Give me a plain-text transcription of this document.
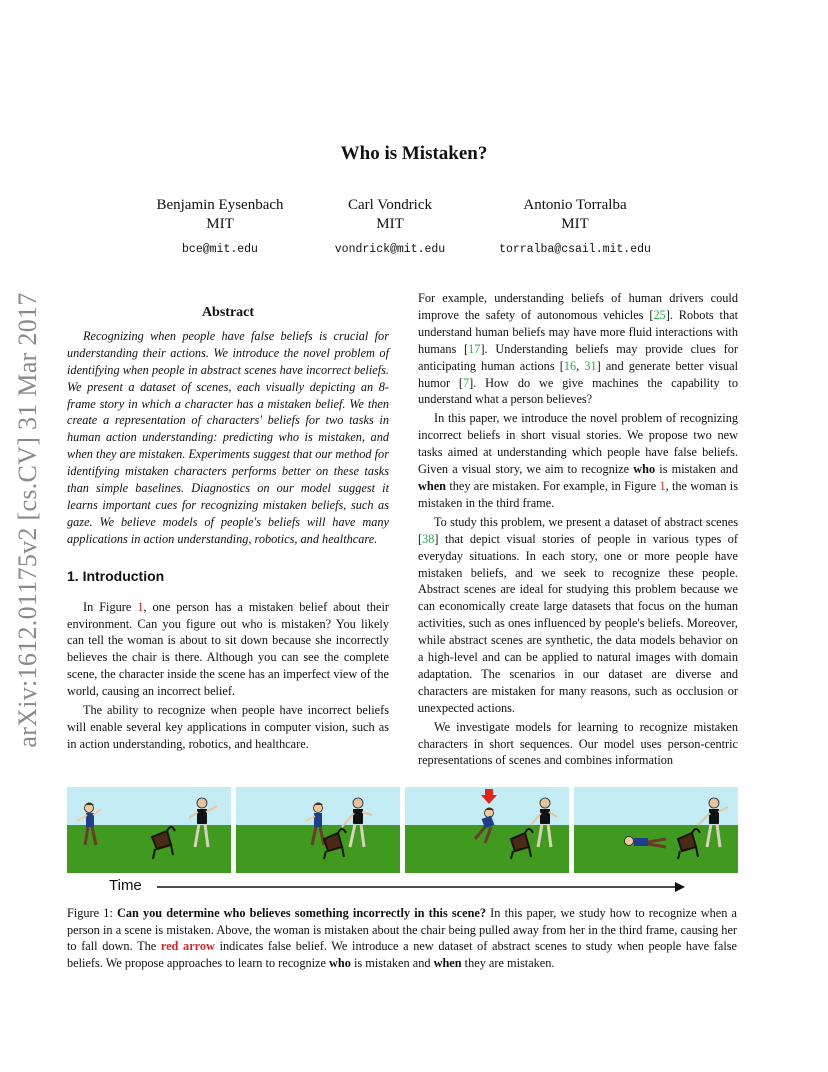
Who is Mistaken?
Benjamin Eysenbach
MIT
bce@mit.edu
Carl Vondrick
MIT
vondrick@mit.edu
Antonio Torralba
MIT
torralba@csail.mit.edu
arXiv:1612.01175v2 [cs.CV] 31 Mar 2017	Abstract

Recognizing when people have false beliefs is crucial for understanding their actions. We introduce the novel problem of identifying when people in abstract scenes have incorrect beliefs. We present a dataset of scenes, each visually depicting an 8-frame story in which a character has a mistaken belief. We then create a representation of characters' beliefs for two tasks in human action understanding: predicting who is mistaken, and when they are mistaken. Experiments suggest that our method for identifying mistaken characters performs better on these tasks than simple baselines. Diagnostics on our model suggest it learns important cues for recognizing mistaken beliefs, such as gaze. We believe models of people's beliefs will have many applications in action understanding, robotics, and healthcare.

1. Introduction

In Figure 1, one person has a mistaken belief about their environment. Can you figure out who is mistaken? You likely can tell the woman is about to sit down because she incorrectly believes the chair is there. Although you can see the complete scene, the character inside the scene has an imperfect view of the world, causing an incorrect belief.

The ability to recognize when people have incorrect beliefs will enable several key applications in computer vision, such as in action understanding, robotics, and healthcare.

For example, understanding beliefs of human drivers could improve the safety of autonomous vehicles [25]. Robots that understand human beliefs may have more fluid interactions with humans [17]. Understanding beliefs may provide clues for anticipating human actions [16, 31] and generate better visual humor [7]. How do we give machines the capability to understand what a person believes?

In this paper, we introduce the novel problem of recognizing incorrect beliefs in short visual stories. We propose two new tasks aimed at understanding which people have false beliefs. Given a visual story, we aim to recognize who is mistaken and when they are mistaken. For example, in Figure 1, the woman is mistaken in the third frame.

To study this problem, we present a dataset of abstract scenes [38] that depict visual stories of people in various types of everyday situations. In each story, one or more people have mistaken beliefs, and we seek to recognize these people. Abstract scenes are ideal for studying this problem because we can economically create large datasets that focus on the human activities, such as ones influenced by people's beliefs. Moreover, while abstract scenes are synthetic, the data models behavior on a high-level and can be applied to natural images with domain adaptation. The scenarios in our dataset are diverse and characters are mistaken for many reasons, such as occlusion or unexpected actions.

We investigate models for learning to recognize mistaken characters in short sequences. Our model uses person-centric representations of scenes and combines information

Time
Figure 1: Can you determine who believes something incorrectly in this scene? In this paper, we study how to recognize when a person in a scene is mistaken. Above, the woman is mistaken about the chair being pulled away from her in the third frame, causing her to fall down. The red arrow indicates false belief. We introduce a new dataset of abstract scenes to study when people have false beliefs. We propose approaches to learn to recognize who is mistaken and when they are mistaken.
